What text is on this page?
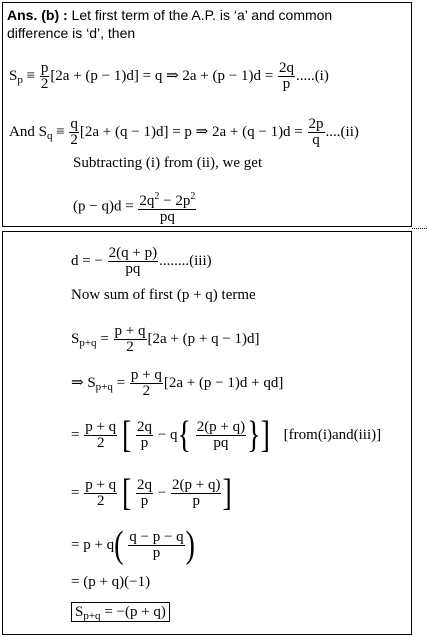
Ans. (b) : Let first term of the A.P. is ‘a’ and common
difference is ‘d’, then
$S_p \equiv \frac{p}{2} [2a + (p - 1)d] = q$ ⇒ $2a + (p - 1)d = \frac{2q}{p} .....(i)$
And $S_q \equiv \frac{q}{2} [2a + (q - 1)d] = p$ ⇒ $2a + (q - 1)d = \frac{2p}{q} ....(ii)$
Subtracting (i) from (ii), we get
$(p - q)d = \frac{2q^2 - 2p^2}{pq}$
d = − $\frac{2(q + p)}{pq} ........(iii)$
Now sum of first (p + q) terme
$S_{p+q} = \frac{p + q}{2} [2a + (p + q - 1)d]$
⇒ $S_{p+q} = \frac{p + q}{2} [2a + (p - 1)d + qd]$
= $\frac{p + q}{2}$ [ $\frac{2q}{p} - q\{ \frac{2(p + q)}{pq}$ }] [from(i)and(iii)]
= $\frac{p + q}{2}$ [ $\frac{2q}{p} - \frac{2(p + q)}{p}$ ]
= $p + q( \frac{q - p - q}{p}$ )
= (p + q)(−1)
$S_{p+q} = -(p + q)$
